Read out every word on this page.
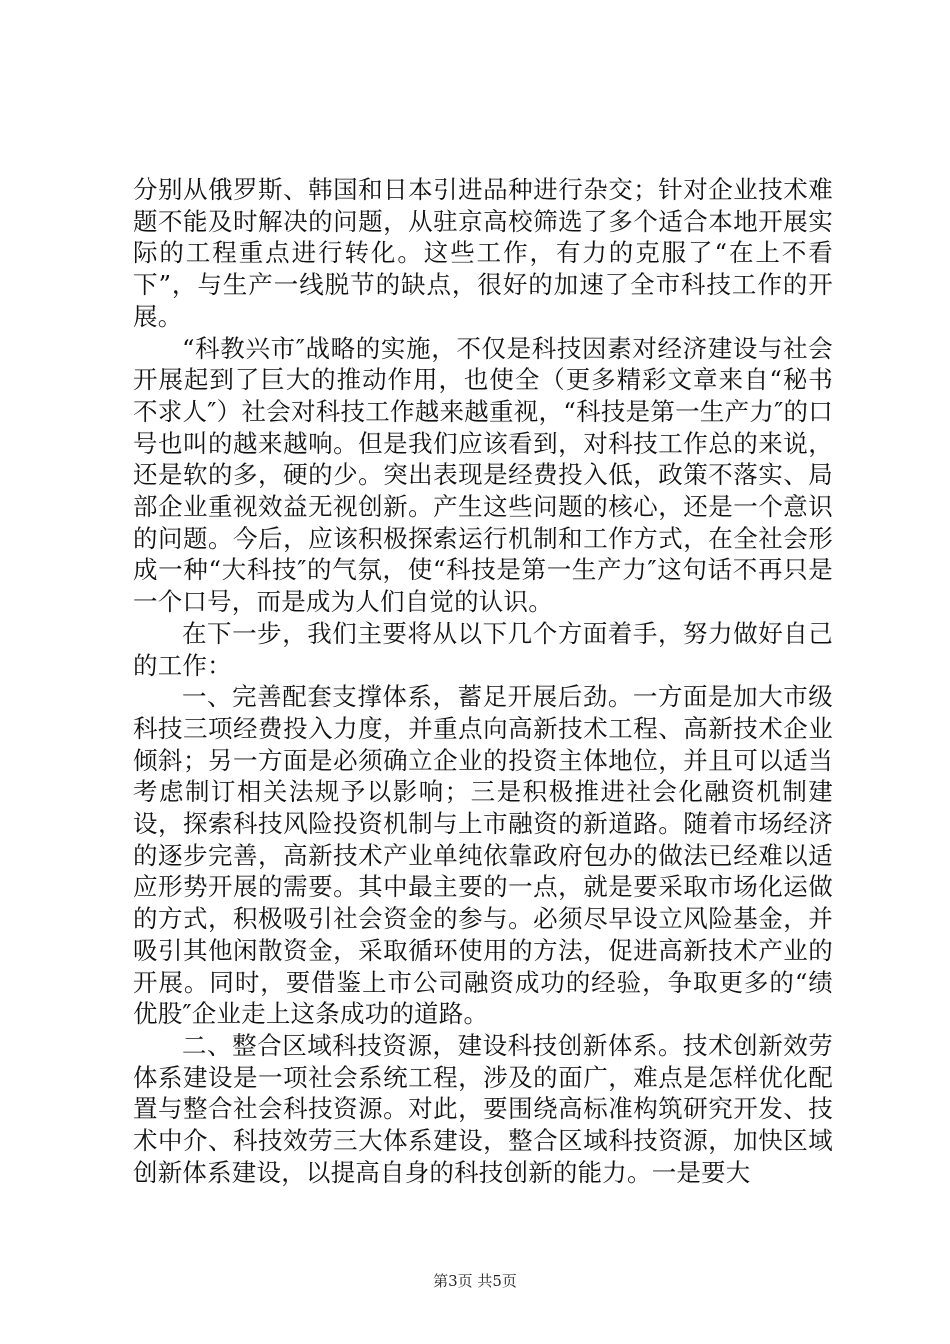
分别从俄罗斯、韩国和日本引进品种进行杂交；针对企业技术难题不能及时解决的问题，从驻京高校筛选了多个适合本地开展实际的工程重点进行转化。这些工作，有力的克服了“在上不看下”，与生产一线脱节的缺点，很好的加速了全市科技工作的开展。

“科教兴市″战略的实施，不仅是科技因素对经济建设与社会开展起到了巨大的推动作用，也使全（更多精彩文章来自“秘书不求人″）社会对科技工作越来越重视，“科技是第一生产力″的口号也叫的越来越响。但是我们应该看到，对科技工作总的来说，还是软的多，硬的少。突出表现是经费投入低，政策不落实、局部企业重视效益无视创新。产生这些问题的核心，还是一个意识的问题。今后，应该积极探索运行机制和工作方式，在全社会形成一种“大科技″的气氛，使“科技是第一生产力″这句话不再只是一个口号，而是成为人们自觉的认识。

在下一步，我们主要将从以下几个方面着手，努力做好自己的工作：

一、完善配套支撑体系，蓄足开展后劲。一方面是加大市级科技三项经费投入力度，并重点向高新技术工程、高新技术企业倾斜；另一方面是必须确立企业的投资主体地位，并且可以适当考虑制订相关法规予以影响；三是积极推进社会化融资机制建设，探索科技风险投资机制与上市融资的新道路。随着市场经济的逐步完善，高新技术产业单纯依靠政府包办的做法已经难以适应形势开展的需要。其中最主要的一点，就是要采取市场化运做的方式，积极吸引社会资金的参与。必须尽早设立风险基金，并吸引其他闲散资金，采取循环使用的方法，促进高新技术产业的开展。同时，要借鉴上市公司融资成功的经验，争取更多的“绩优股″企业走上这条成功的道路。

二、整合区域科技资源，建设科技创新体系。技术创新效劳体系建设是一项社会系统工程，涉及的面广，难点是怎样优化配置与整合社会科技资源。对此，要围绕高标准构筑研究开发、技术中介、科技效劳三大体系建设，整合区域科技资源，加快区域创新体系建设，以提高自身的科技创新的能力。一是要大

第3页 共5页
